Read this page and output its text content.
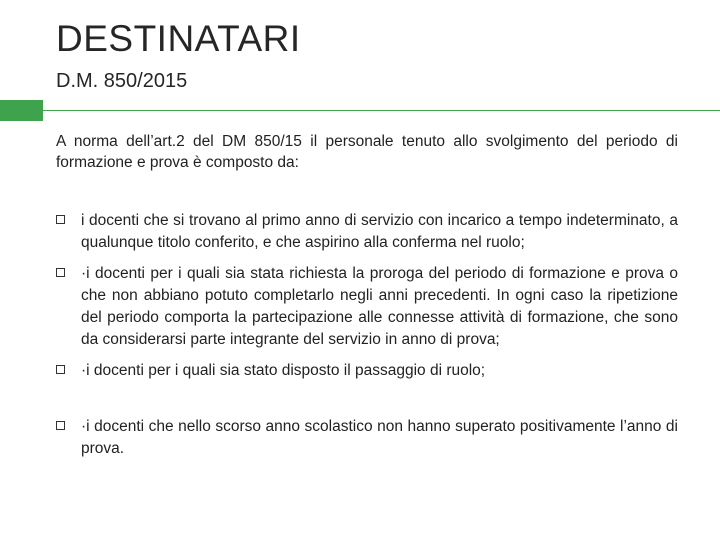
DESTINATARI
D.M. 850/2015

A norma dell’art.2 del DM 850/15 il personale tenuto allo svolgimento del periodo di formazione e prova è composto da:

i docenti che si trovano al primo anno di servizio con incarico a tempo indeterminato, a qualunque titolo conferito, e che aspirino alla conferma nel ruolo;
·i docenti per i quali sia stata richiesta la proroga del periodo di formazione e prova o che non abbiano potuto completarlo negli anni precedenti. In ogni caso la ripetizione del periodo comporta la partecipazione alle connesse attività di formazione, che sono da considerarsi parte integrante del servizio in anno di prova;
·i docenti per i quali sia stato disposto il passaggio di ruolo;
·i docenti che nello scorso anno scolastico non hanno superato positivamente l’anno di prova.
